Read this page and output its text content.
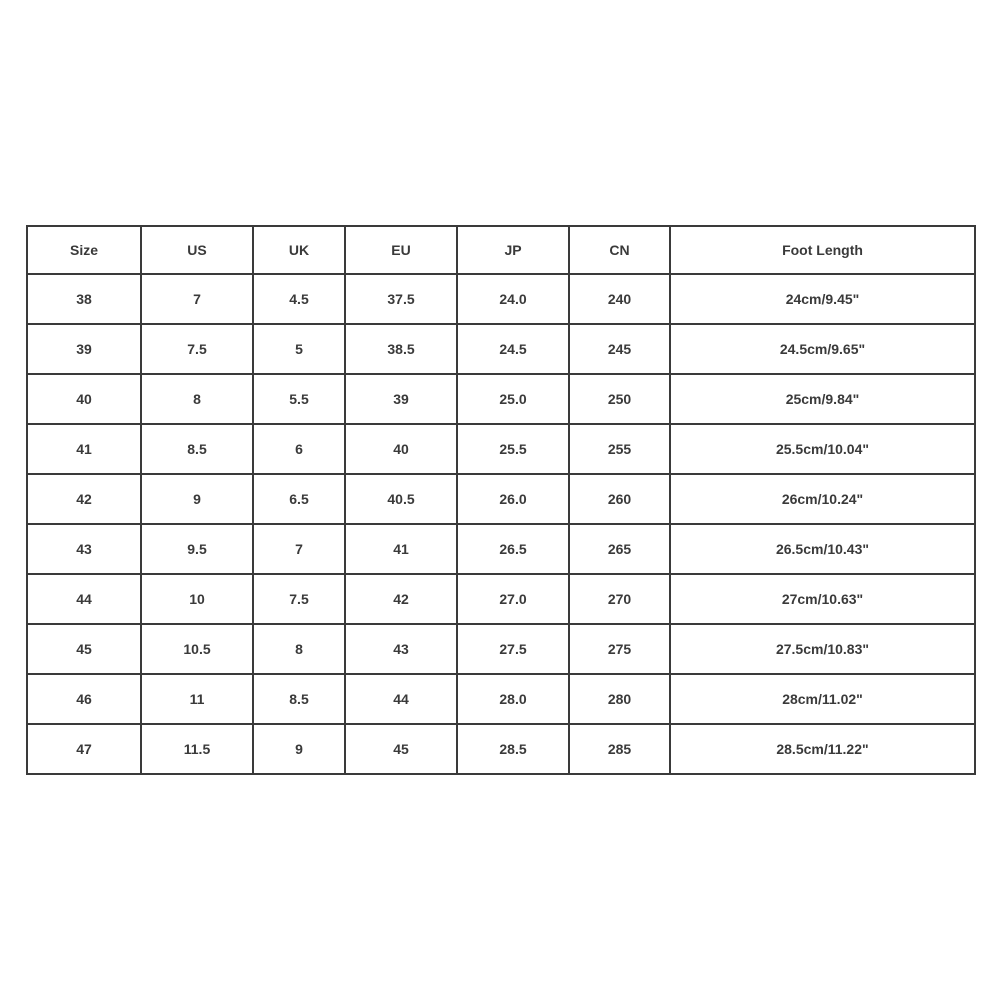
Size	US	UK	EU	JP	CN	Foot Length
38	7	4.5	37.5	24.0	240	24cm/9.45"
39	7.5	5	38.5	24.5	245	24.5cm/9.65"
40	8	5.5	39	25.0	250	25cm/9.84"
41	8.5	6	40	25.5	255	25.5cm/10.04"
42	9	6.5	40.5	26.0	260	26cm/10.24"
43	9.5	7	41	26.5	265	26.5cm/10.43"
44	10	7.5	42	27.0	270	27cm/10.63"
45	10.5	8	43	27.5	275	27.5cm/10.83"
46	11	8.5	44	28.0	280	28cm/11.02"
47	11.5	9	45	28.5	285	28.5cm/11.22"
